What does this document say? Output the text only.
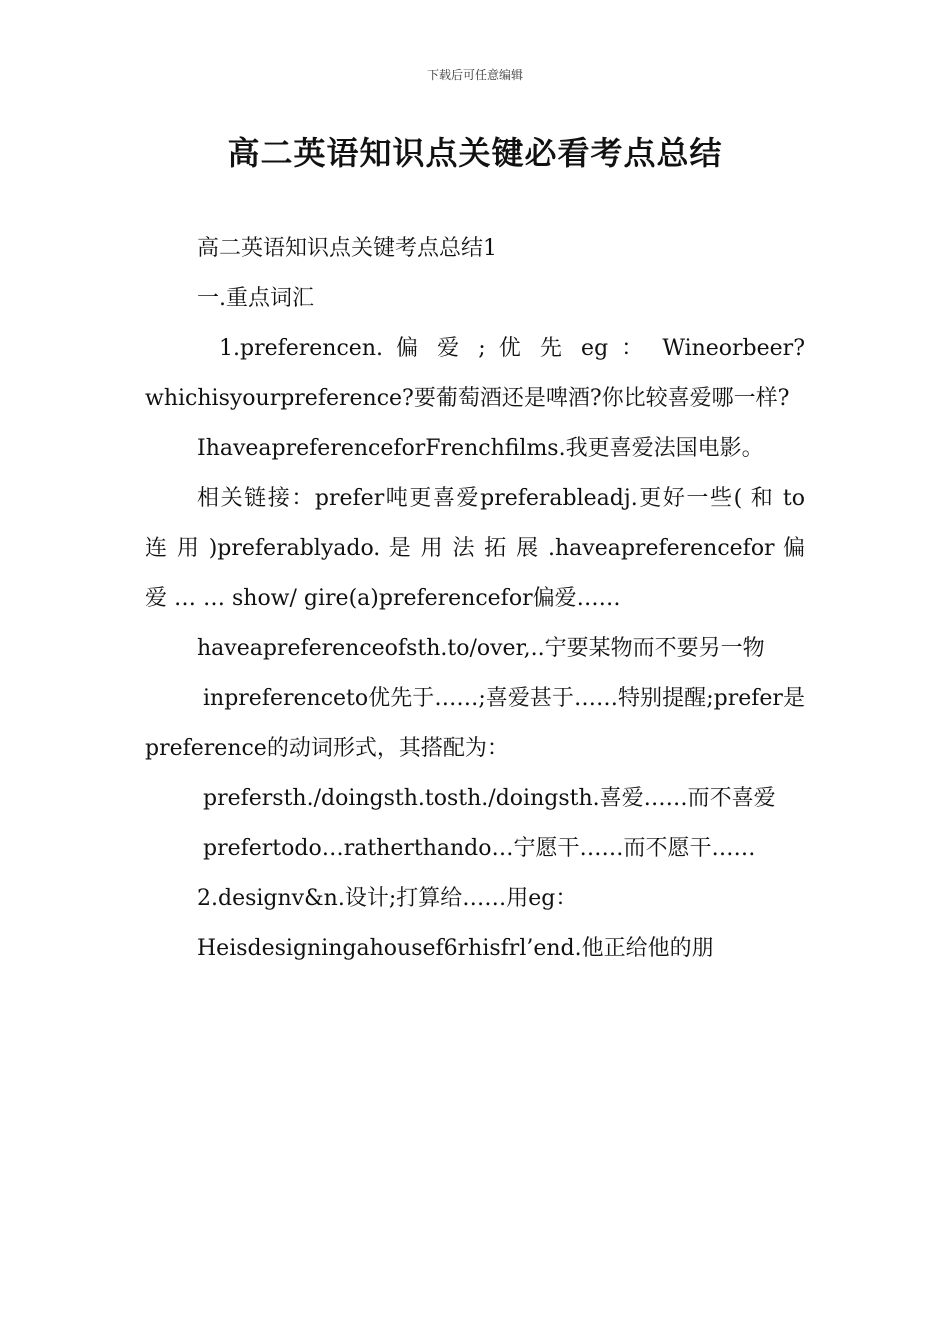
下载后可任意编辑
高二英语知识点关键必看考点总结

高二英语知识点关键考点总结1

一.重点词汇

1.preferencen. 偏 爱 ; 优 先 eg ： Wineorbeer? whichisyourpreference?要葡萄酒还是啤酒?你比较喜爱哪一样?

IhaveapreferenceforFrenchfilms.我更喜爱法国电影。

相关链接：prefer吨更喜爱preferableadj.更好一些( 和 to 连 用 )preferablyado. 是 用 法 拓 展 .haveapreferencefor 偏 爱 … … show/ gire(a)preferencefor偏爱……

haveapreferenceofsth.to/over,..宁要某物而不要另一物

inpreferenceto优先于……;喜爱甚于……特别提醒;prefer是preference的动词形式，其搭配为：

prefersth./doingsth.tosth./doingsth.喜爱……而不喜爱

prefertodo…ratherthando…宁愿干……而不愿干……

2.designv&n.设计;打算给……用eg：

Heisdesigningahousef6rhisfrl’end.他正给他的朋
